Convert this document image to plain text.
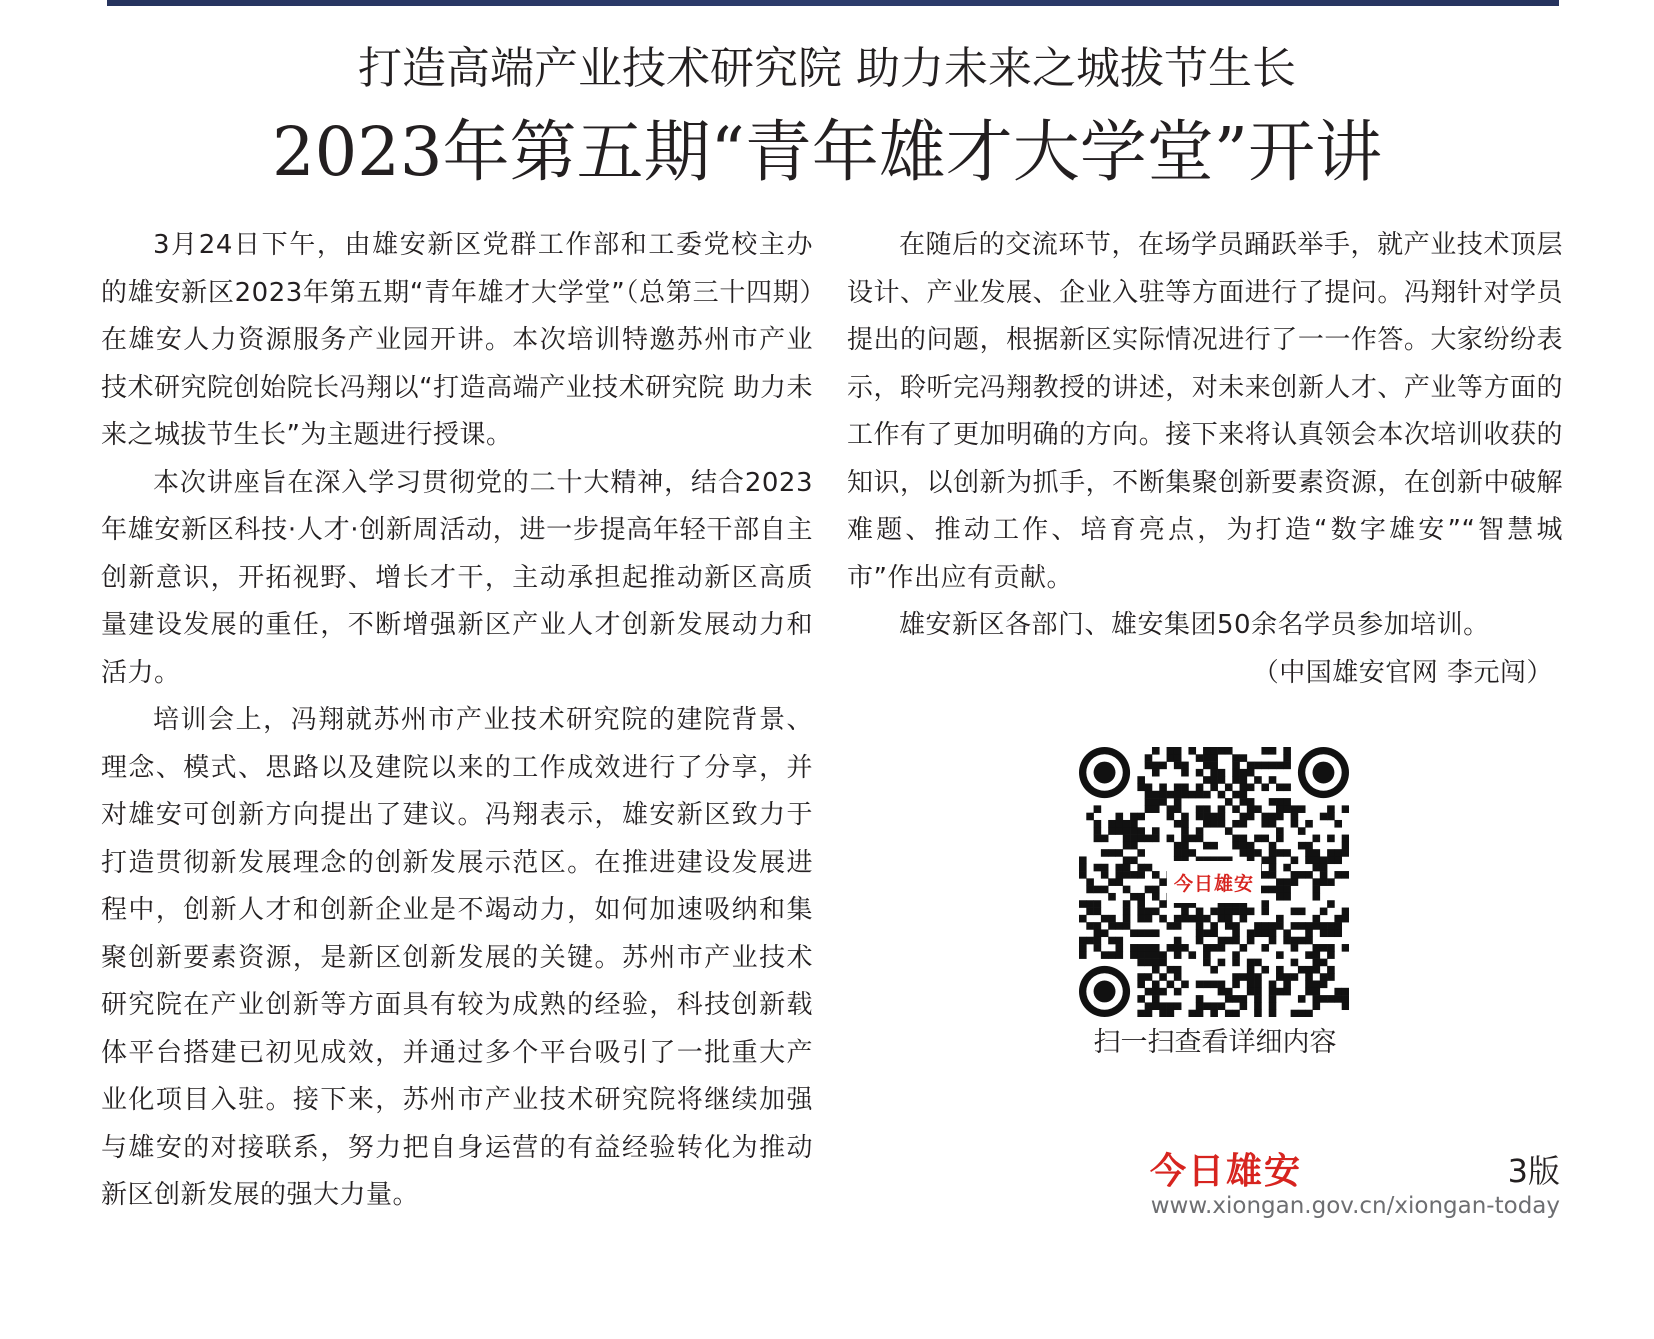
打造高端产业技术研究院 助力未来之城拔节生长
2023年第五期“青年雄才大学堂”开讲

3月24日下午，由雄安新区党群工作部和工委党校主办的雄安新区2023年第五期“青年雄才大学堂”（总第三十四期）在雄安人力资源服务产业园开讲。本次培训特邀苏州市产业技术研究院创始院长冯翔以“打造高端产业技术研究院 助力未来之城拔节生长”为主题进行授课。

本次讲座旨在深入学习贯彻党的二十大精神，结合2023年雄安新区科技·人才·创新周活动，进一步提高年轻干部自主创新意识，开拓视野、增长才干，主动承担起推动新区高质量建设发展的重任，不断增强新区产业人才创新发展动力和活力。

培训会上，冯翔就苏州市产业技术研究院的建院背景、理念、模式、思路以及建院以来的工作成效进行了分享，并对雄安可创新方向提出了建议。冯翔表示，雄安新区致力于打造贯彻新发展理念的创新发展示范区。在推进建设发展进程中，创新人才和创新企业是不竭动力，如何加速吸纳和集聚创新要素资源，是新区创新发展的关键。苏州市产业技术研究院在产业创新等方面具有较为成熟的经验，科技创新载体平台搭建已初见成效，并通过多个平台吸引了一批重大产业化项目入驻。接下来，苏州市产业技术研究院将继续加强与雄安的对接联系，努力把自身运营的有益经验转化为推动新区创新发展的强大力量。

在随后的交流环节，在场学员踊跃举手，就产业技术顶层设计、产业发展、企业入驻等方面进行了提问。冯翔针对学员提出的问题，根据新区实际情况进行了一一作答。大家纷纷表示，聆听完冯翔教授的讲述，对未来创新人才、产业等方面的工作有了更加明确的方向。接下来将认真领会本次培训收获的知识，以创新为抓手，不断集聚创新要素资源，在创新中破解难题、推动工作、培育亮点，为打造“数字雄安”“智慧城市”作出应有贡献。

雄安新区各部门、雄安集团50余名学员参加培训。

（中国雄安官网 李元闯）

今日雄安
扫一扫查看详细内容
今日雄安	3版
www.xiongan.gov.cn/xiongan-today
